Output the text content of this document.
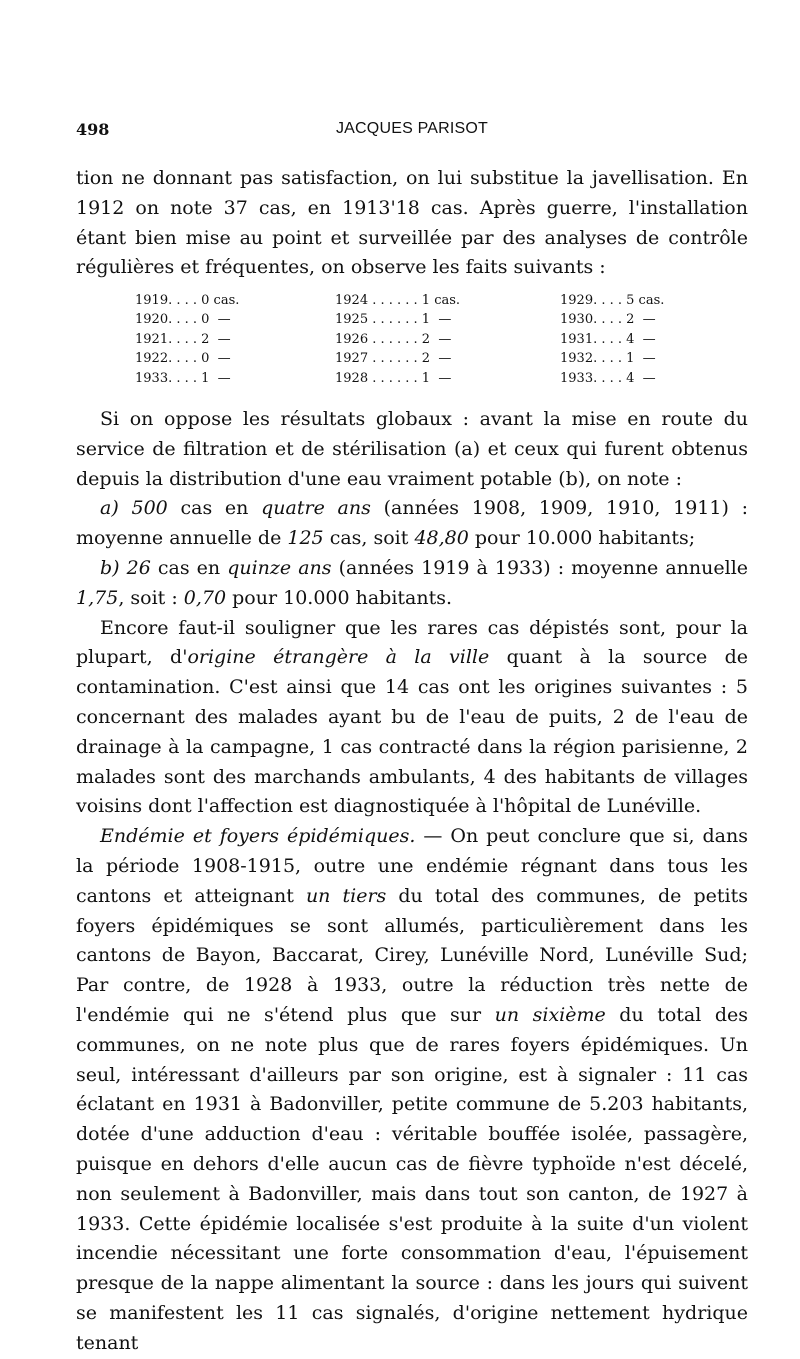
498	JACQUES PARISOT

tion ne donnant pas satisfaction, on lui substitue la javellisation. En 1912 on note 37 cas, en 1913'18 cas. Après guerre, l'installation étant bien mise au point et surveillée par des analyses de contrôle régulières et fréquentes, on observe les faits suivants :

1919. . . . 0 cas.	1924 . . . . . . 1 cas.	1929. . . . 5 cas.
1920. . . . 0  —	1925 . . . . . . 1  —	1930. . . . 2  —
1921. . . . 2  —	1926 . . . . . . 2  —	1931. . . . 4  —
1922. . . . 0  —	1927 . . . . . . 2  —	1932. . . . 1  —
1933. . . . 1  —	1928 . . . . . . 1  —	1933. . . . 4  —

Si on oppose les résultats globaux : avant la mise en route du service de filtration et de stérilisation (a) et ceux qui furent obtenus depuis la distribution d'une eau vraiment potable (b), on note :

a) 500 cas en quatre ans (années 1908, 1909, 1910, 1911) : moyenne annuelle de 125 cas, soit 48,80 pour 10.000 habitants;

b) 26 cas en quinze ans (années 1919 à 1933) : moyenne annuelle 1,75, soit : 0,70 pour 10.000 habitants.

Encore faut-il souligner que les rares cas dépistés sont, pour la plupart, d'origine étrangère à la ville quant à la source de contamination. C'est ainsi que 14 cas ont les origines suivantes : 5 concernant des malades ayant bu de l'eau de puits, 2 de l'eau de drainage à la campagne, 1 cas contracté dans la région parisienne, 2 malades sont des marchands ambulants, 4 des habitants de villages voisins dont l'affection est diagnostiquée à l'hôpital de Lunéville.

Endémie et foyers épidémiques. — On peut conclure que si, dans la période 1908-1915, outre une endémie régnant dans tous les cantons et atteignant un tiers du total des communes, de petits foyers épidémiques se sont allumés, particulièrement dans les cantons de Bayon, Baccarat, Cirey, Lunéville Nord, Lunéville Sud; Par contre, de 1928 à 1933, outre la réduction très nette de l'endémie qui ne s'étend plus que sur un sixième du total des communes, on ne note plus que de rares foyers épidémiques. Un seul, intéressant d'ailleurs par son origine, est à signaler : 11 cas éclatant en 1931 à Badonviller, petite commune de 5.203 habitants, dotée d'une adduction d'eau : véritable bouffée isolée, passagère, puisque en dehors d'elle aucun cas de fièvre typhoïde n'est décelé, non seulement à Badonviller, mais dans tout son canton, de 1927 à 1933. Cette épidémie localisée s'est produite à la suite d'un violent incendie nécessitant une forte consommation d'eau, l'épuisement presque de la nappe alimentant la source : dans les jours qui suivent se manifestent les 11 cas signalés, d'origine nettement hydrique tenant
